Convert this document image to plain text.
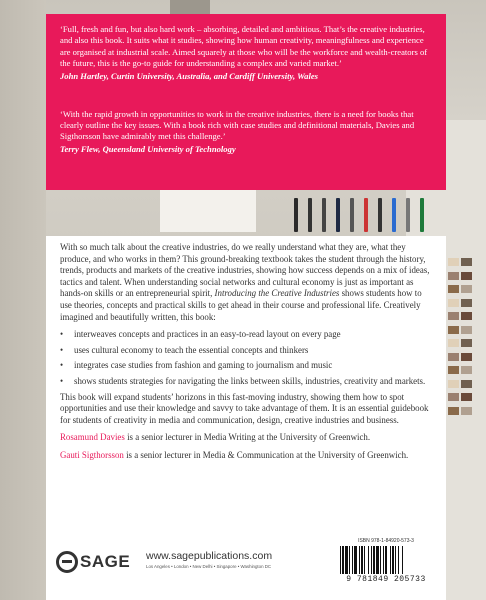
‘Full, fresh and fun, but also hard work – absorbing, detailed and ambitious. That’s the creative industries, and also this book. It suits what it studies, showing how human creativity, meaningfulness and experience are organised at industrial scale. Aimed squarely at those who will be the workforce and wealth-creators of the future, this is the go-to guide for understanding a complex and varied market.’

John Hartley, Curtin University, Australia, and Cardiff University, Wales

‘With the rapid growth in opportunities to work in the creative industries, there is a need for books that clearly outline the key issues. With a book rich with case studies and definitional materials, Davies and Sigthorsson have admirably met this challenge.’

Terry Flew, Queensland University of Technology

With so much talk about the creative industries, do we really understand what they are, what they produce, and who works in them? This ground-breaking textbook takes the student through the history, trends, products and markets of the creative industries, showing how success depends on a mix of ideas, tactics and talent. When understanding social networks and cultural economy is just as important as hands-on skills or an entrepreneurial spirit, Introducing the Creative Industries shows students how to use theories, concepts and practical skills to get ahead in their course and professional life. Creatively imagined and beautifully written, this book:

• interweaves concepts and practices in an easy-to-read layout on every page
• uses cultural economy to teach the essential concepts and thinkers
• integrates case studies from fashion and gaming to journalism and music
• shows students strategies for navigating the links between skills, industries, creativity and markets.

This book will expand students’ horizons in this fast-moving industry, showing them how to spot opportunities and use their knowledge and savvy to take advantage of them. It is an essential guidebook for students of creativity in media and communication, design, creative industries and business.

Rosamund Davies is a senior lecturer in Media Writing at the University of Greenwich.

Gauti Sigthorsson is a senior lecturer in Media & Communication at the University of Greenwich.

SAGE www.sagepublications.com
Los Angeles • London • New Delhi • Singapore • Washington DC
ISBN 978-1-84920-573-3
9 781849 205733
